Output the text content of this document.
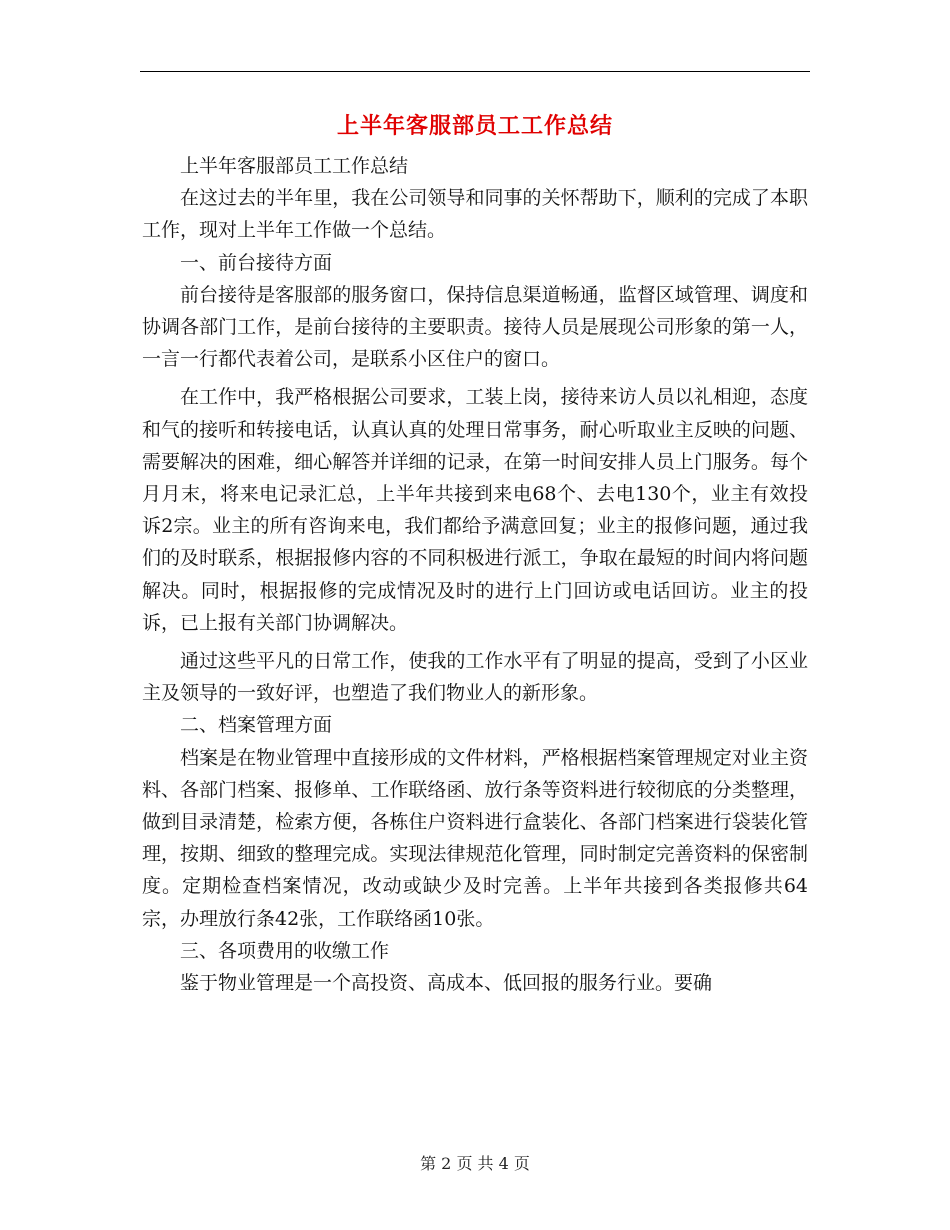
上半年客服部员工工作总结

上半年客服部员工工作总结

在这过去的半年里，我在公司领导和同事的关怀帮助下，顺利的完成了本职工作，现对上半年工作做一个总结。

一、前台接待方面

前台接待是客服部的服务窗口，保持信息渠道畅通，监督区域管理、调度和协调各部门工作，是前台接待的主要职责。接待人员是展现公司形象的第一人，一言一行都代表着公司，是联系小区住户的窗口。

在工作中，我严格根据公司要求，工装上岗，接待来访人员以礼相迎，态度和气的接听和转接电话，认真认真的处理日常事务，耐心听取业主反映的问题、需要解决的困难，细心解答并详细的记录，在第一时间安排人员上门服务。每个月月末，将来电记录汇总，上半年共接到来电68个、去电130个，业主有效投诉2宗。业主的所有咨询来电，我们都给予满意回复；业主的报修问题，通过我们的及时联系，根据报修内容的不同积极进行派工，争取在最短的时间内将问题解决。同时，根据报修的完成情况及时的进行上门回访或电话回访。业主的投诉，已上报有关部门协调解决。

通过这些平凡的日常工作，使我的工作水平有了明显的提高，受到了小区业主及领导的一致好评，也塑造了我们物业人的新形象。

二、档案管理方面

档案是在物业管理中直接形成的文件材料，严格根据档案管理规定对业主资料、各部门档案、报修单、工作联络函、放行条等资料进行较彻底的分类整理，做到目录清楚，检索方便，各栋住户资料进行盒装化、各部门档案进行袋装化管理，按期、细致的整理完成。实现法律规范化管理，同时制定完善资料的保密制度。定期检查档案情况，改动或缺少及时完善。上半年共接到各类报修共64宗，办理放行条42张，工作联络函10张。

三、各项费用的收缴工作

鉴于物业管理是一个高投资、高成本、低回报的服务行业。要确

第 2 页 共 4 页
